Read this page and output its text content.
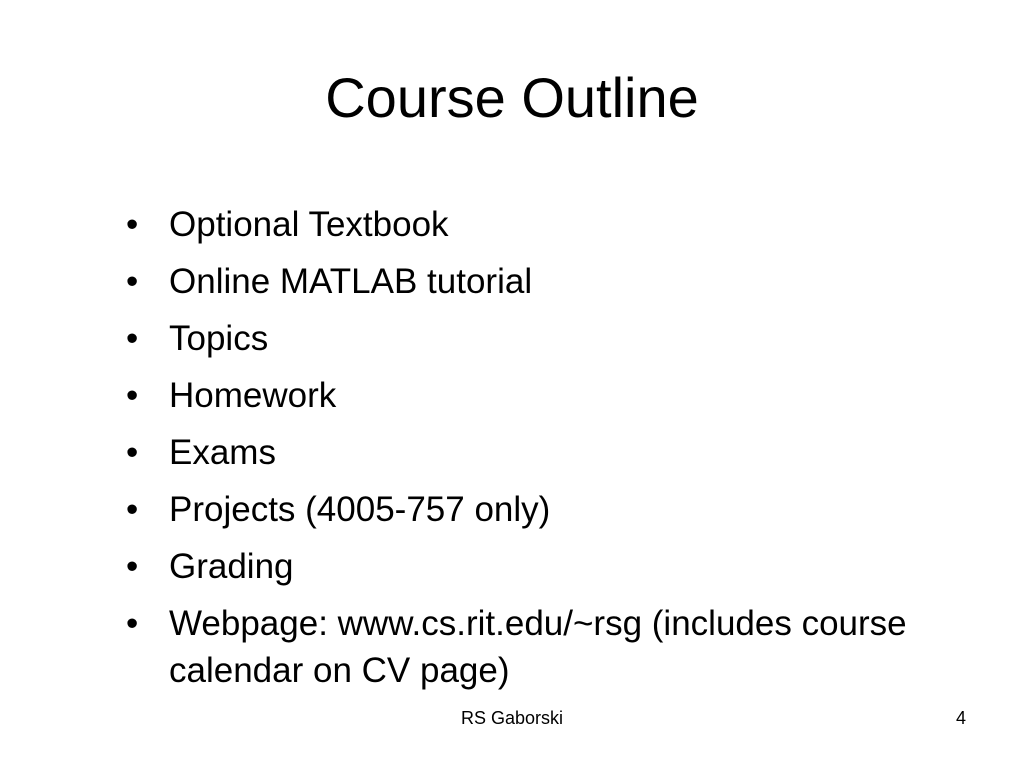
Course Outline
• Optional Textbook
• Online MATLAB tutorial
• Topics
• Homework
• Exams
• Projects (4005-757 only)
• Grading
• Webpage: www.cs.rit.edu/~rsg (includes course calendar on CV page)
RS Gaborski	4
